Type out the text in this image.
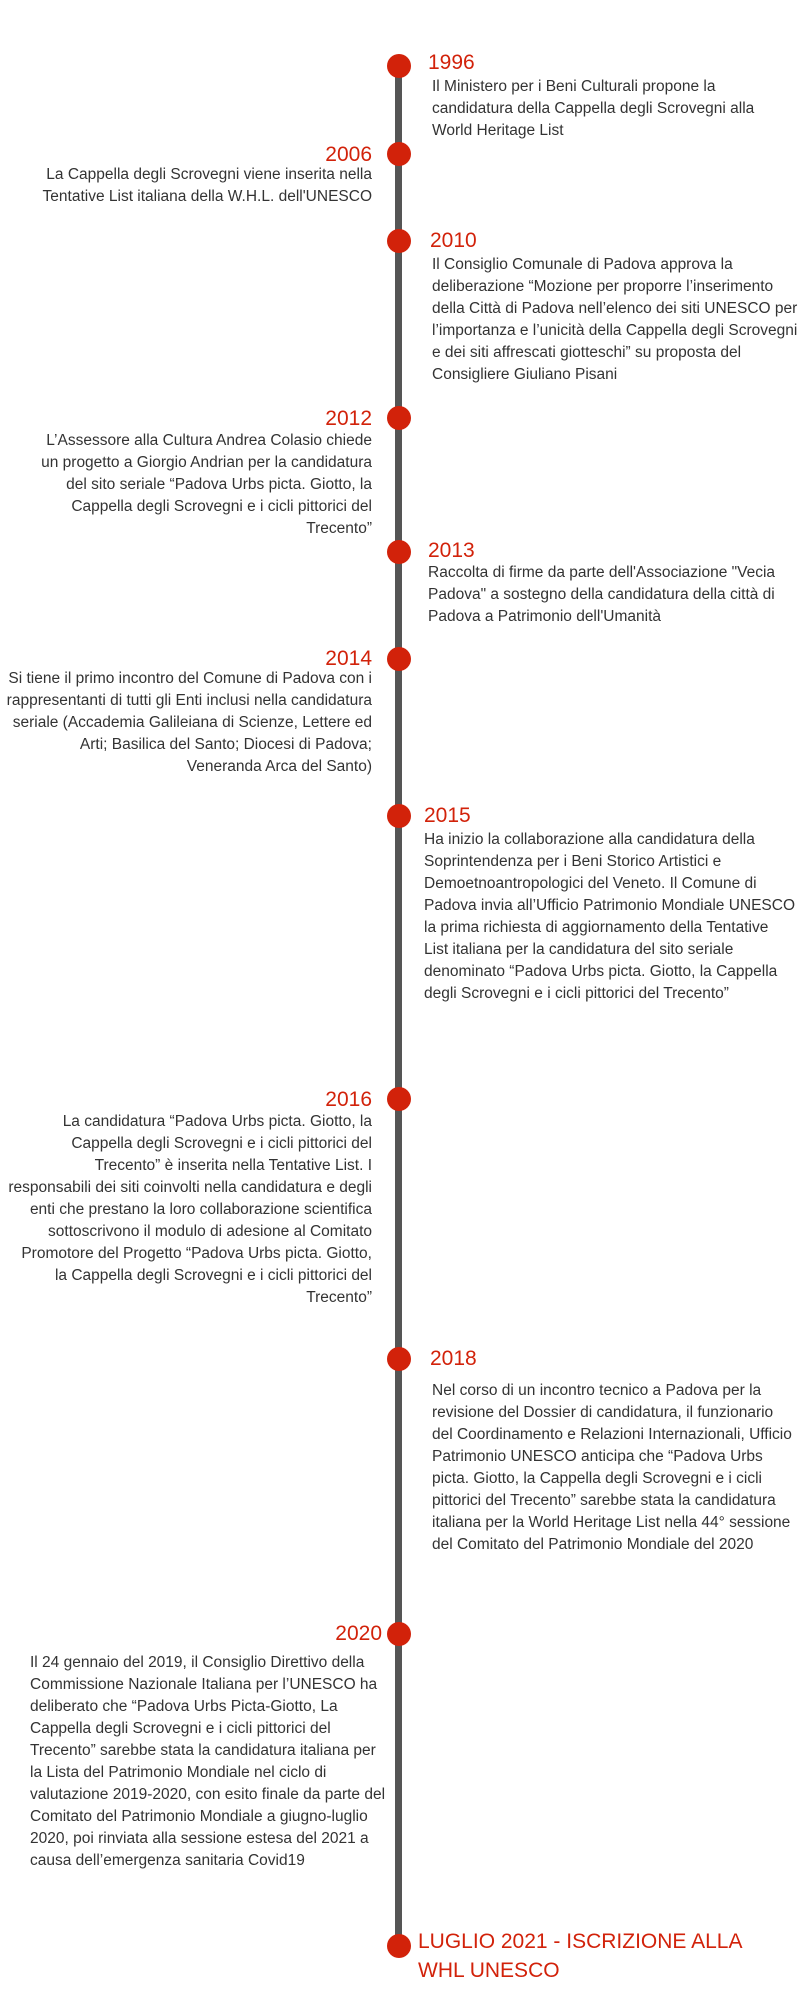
1996
Il Ministero per i Beni Culturali propone la candidatura della Cappella degli Scrovegni alla World Heritage List
2006
La Cappella degli Scrovegni viene inserita nella Tentative List italiana della W.H.L. dell'UNESCO
2010
Il Consiglio Comunale di Padova approva la deliberazione “Mozione per proporre l’inserimento della Città di Padova nell’elenco dei siti UNESCO per l’importanza e l’unicità della Cappella degli Scrovegni e dei siti affrescati giotteschi” su proposta del Consigliere Giuliano Pisani
2012
L’Assessore alla Cultura Andrea Colasio chiede un progetto a Giorgio Andrian per la candidatura del sito seriale “Padova Urbs picta. Giotto, la Cappella degli Scrovegni e i cicli pittorici del Trecento”
2013
Raccolta di firme da parte dell'Associazione "Vecia Padova" a sostegno della candidatura della città di Padova a Patrimonio dell'Umanità
2014
Si tiene il primo incontro del Comune di Padova con i rappresentanti di tutti gli Enti inclusi nella candidatura seriale (Accademia Galileiana di Scienze, Lettere ed Arti; Basilica del Santo; Diocesi di Padova; Veneranda Arca del Santo)
2015
Ha inizio la collaborazione alla candidatura della Soprintendenza per i Beni Storico Artistici e Demoetnoantropologici del Veneto. Il Comune di Padova invia all’Ufficio Patrimonio Mondiale UNESCO la prima richiesta di aggiornamento della Tentative List italiana per la candidatura del sito seriale denominato “Padova Urbs picta. Giotto, la Cappella degli Scrovegni e i cicli pittorici del Trecento”
2016
La candidatura “Padova Urbs picta. Giotto, la Cappella degli Scrovegni e i cicli pittorici del Trecento” è inserita nella Tentative List. I responsabili dei siti coinvolti nella candidatura e degli enti che prestano la loro collaborazione scientifica sottoscrivono il modulo di adesione al Comitato Promotore del Progetto “Padova Urbs picta. Giotto, la Cappella degli Scrovegni e i cicli pittorici del Trecento”
2018
Nel corso di un incontro tecnico a Padova per la revisione del Dossier di candidatura, il funzionario del Coordinamento e Relazioni Internazionali, Ufficio Patrimonio UNESCO anticipa che “Padova Urbs picta. Giotto, la Cappella degli Scrovegni e i cicli pittorici del Trecento” sarebbe stata la candidatura italiana per la World Heritage List nella 44° sessione del Comitato del Patrimonio Mondiale del 2020
2020
Il 24 gennaio del 2019, il Consiglio Direttivo della Commissione Nazionale Italiana per l’UNESCO ha deliberato che “Padova Urbs Picta-Giotto, La Cappella degli Scrovegni e i cicli pittorici del Trecento” sarebbe stata la candidatura italiana per la Lista del Patrimonio Mondiale nel ciclo di valutazione 2019-2020, con esito finale da parte del Comitato del Patrimonio Mondiale a giugno-luglio 2020, poi rinviata alla sessione estesa del 2021 a causa dell’emergenza sanitaria Covid19
LUGLIO 2021 - ISCRIZIONE ALLA WHL UNESCO
